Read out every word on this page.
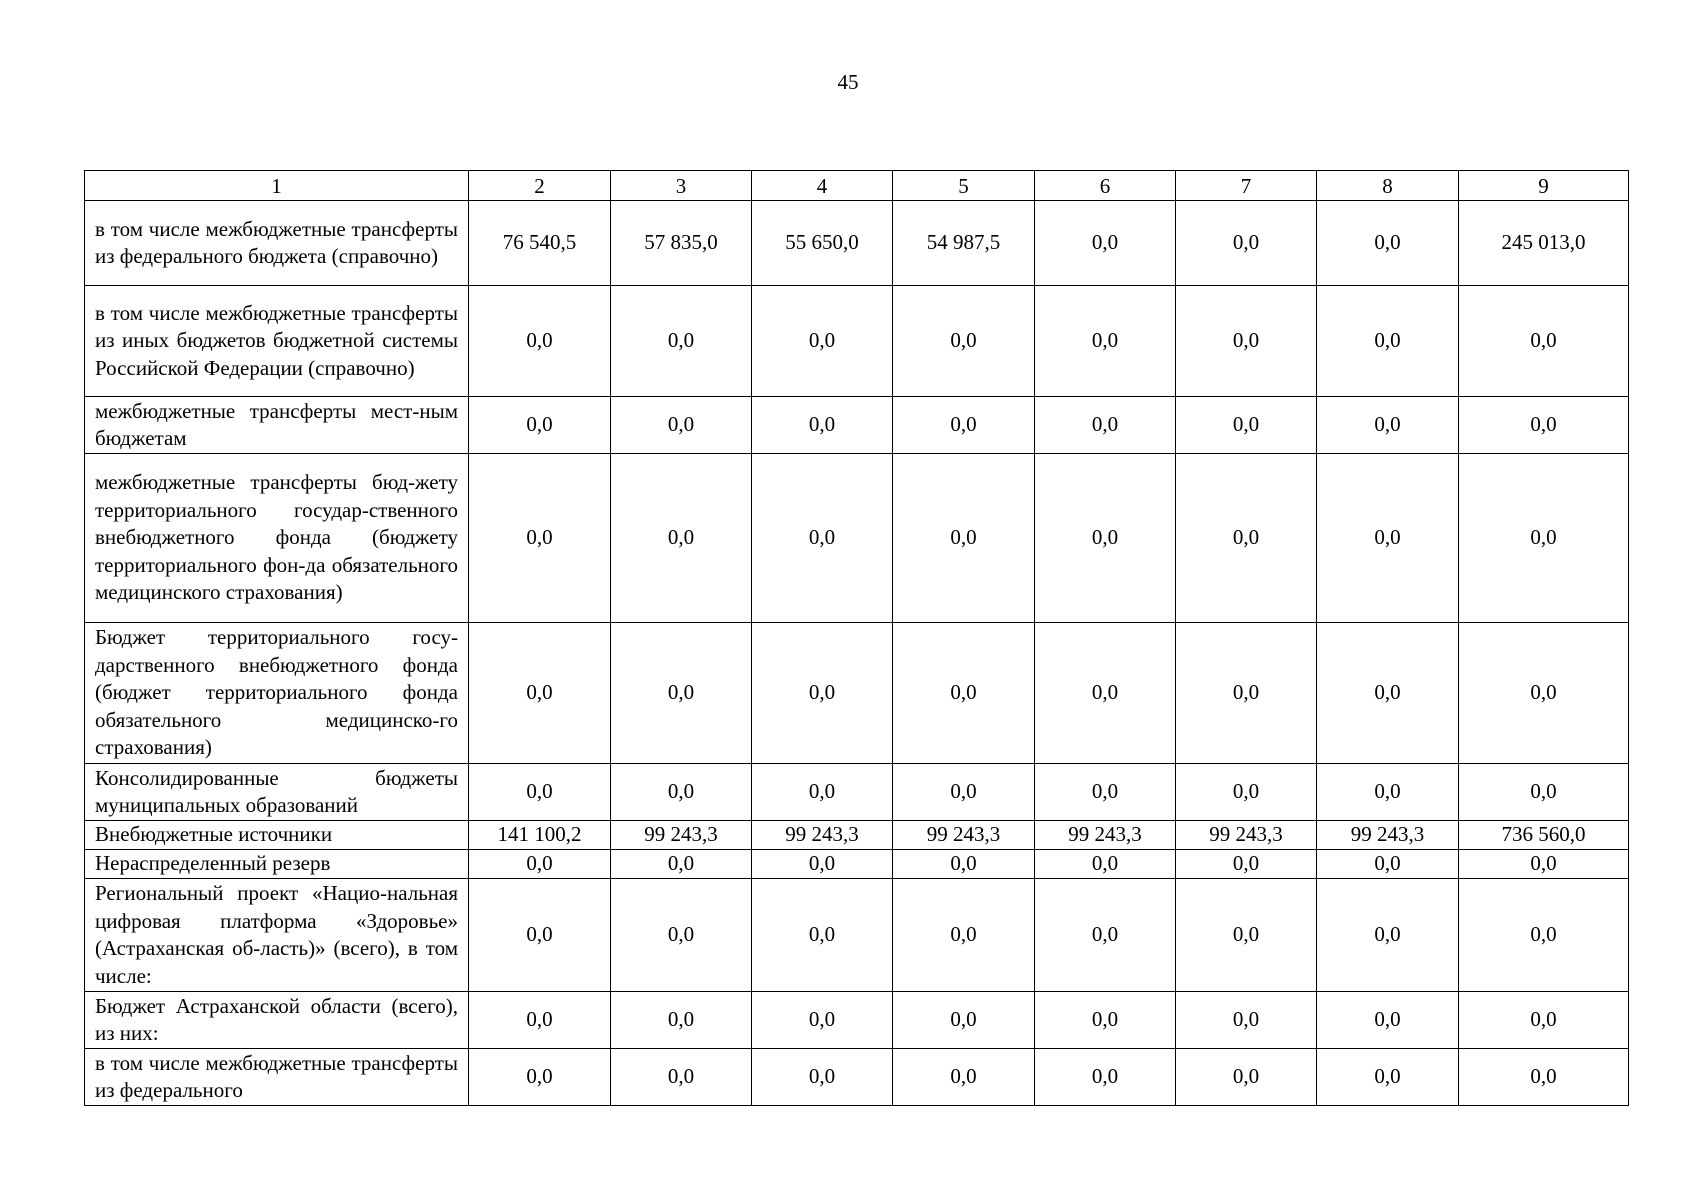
45
1	2	3	4	5	6	7	8	9
в том числе межбюджетные трансферты из федерального бюджета (справочно)	76 540,5	57 835,0	55 650,0	54 987,5	0,0	0,0	0,0	245 013,0
в том числе межбюджетные трансферты из иных бюджетов бюджетной системы Российской Федерации (справочно)	0,0	0,0	0,0	0,0	0,0	0,0	0,0	0,0
межбюджетные трансферты мест-ным бюджетам	0,0	0,0	0,0	0,0	0,0	0,0	0,0	0,0
межбюджетные трансферты бюд-жету территориального государ-ственного внебюджетного фонда (бюджету территориального фон-да обязательного медицинского страхования)	0,0	0,0	0,0	0,0	0,0	0,0	0,0	0,0
Бюджет территориального госу-дарственного внебюджетного фонда (бюджет территориального фонда обязательного медицинско-го страхования)	0,0	0,0	0,0	0,0	0,0	0,0	0,0	0,0
Консолидированные бюджеты муниципальных образований	0,0	0,0	0,0	0,0	0,0	0,0	0,0	0,0
Внебюджетные источники	141 100,2	99 243,3	99 243,3	99 243,3	99 243,3	99 243,3	99 243,3	736 560,0
Нераспределенный резерв	0,0	0,0	0,0	0,0	0,0	0,0	0,0	0,0
Региональный проект «Нацио-нальная цифровая платформа «Здоровье» (Астраханская об-ласть)» (всего), в том числе:	0,0	0,0	0,0	0,0	0,0	0,0	0,0	0,0
Бюджет Астраханской области (всего), из них:	0,0	0,0	0,0	0,0	0,0	0,0	0,0	0,0
в том числе межбюджетные трансферты из федерального	0,0	0,0	0,0	0,0	0,0	0,0	0,0	0,0
